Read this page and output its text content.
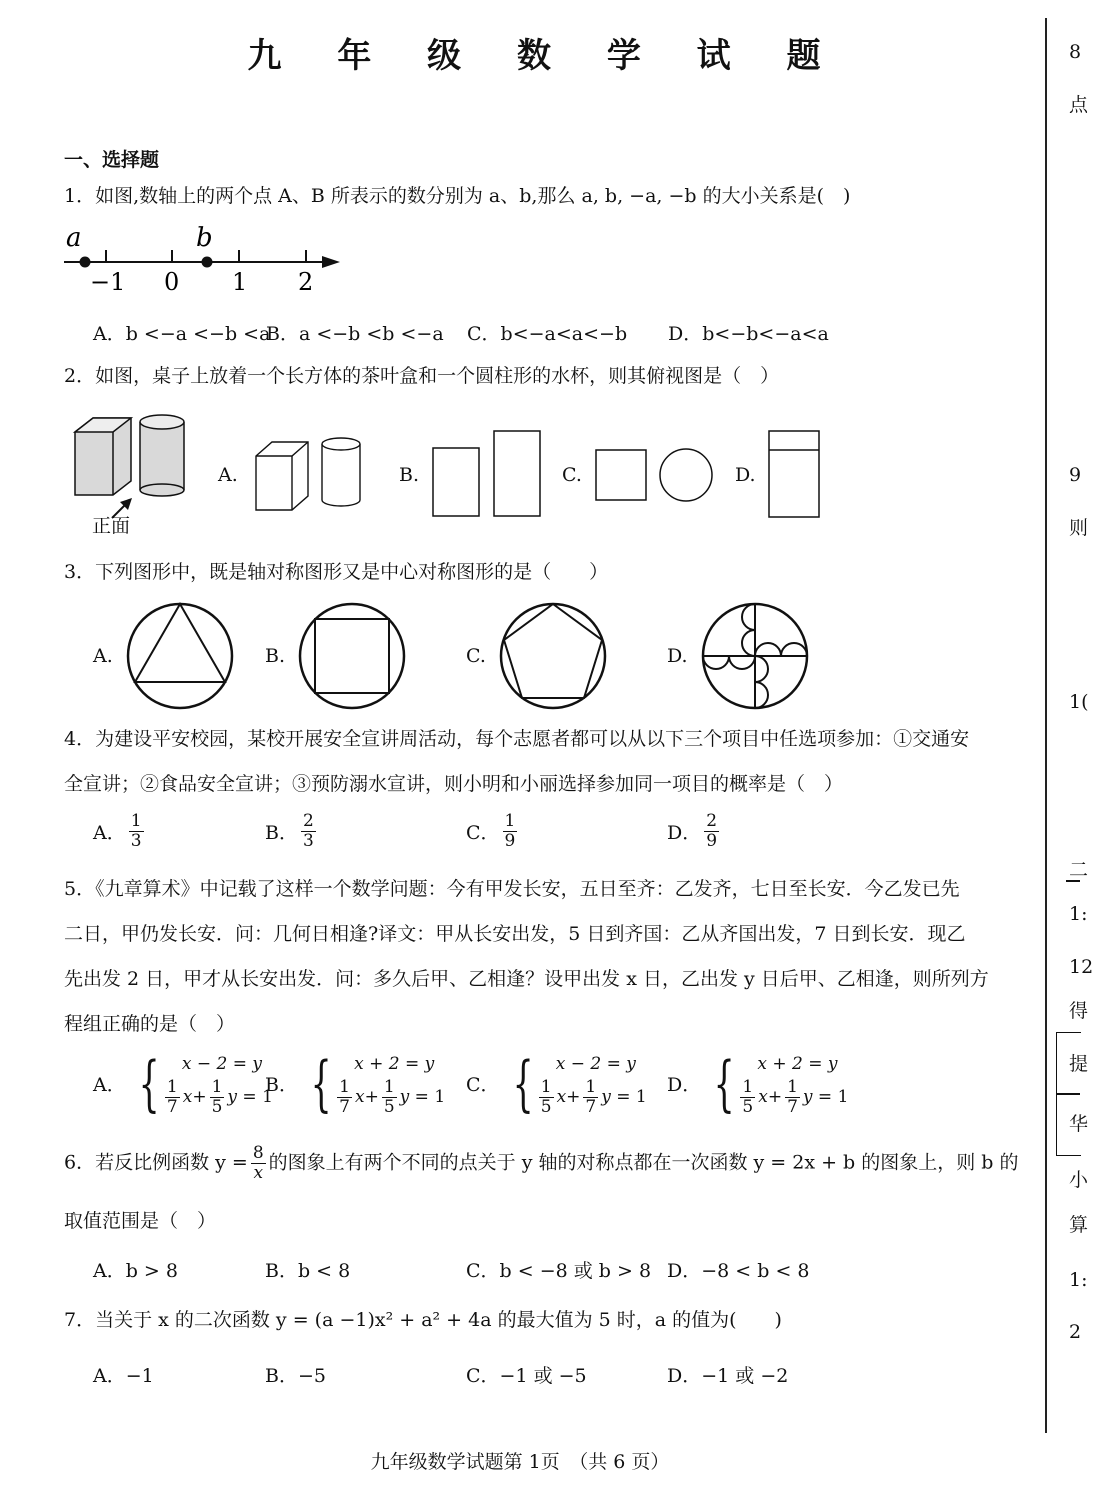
九 年 级 数 学 试 题
一、选择题
1．如图,数轴上的两个点 A、B 所表示的数分别为 a、b,那么 a, b, −a, −b 的大小关系是(　)
a	b
−1 0 1 2
A．b <−a <−b <a
B．a <−b <b <−a C．b<−a<a<−b D．b<−b<−a<a
2．如图，桌子上放着一个长方体的茶叶盒和一个圆柱形的水杯，则其俯视图是（　）
正面
A.	B.	C.	D.
3．下列图形中，既是轴对称图形又是中心对称图形的是（　　）
A.	B.	C.	D.
4．为建设平安校园，某校开展安全宣讲周活动，每个志愿者都可以从以下三个项目中任选项参加：①交通安
全宣讲；②食品安全宣讲；③预防溺水宣讲，则小明和小丽选择参加同一项目的概率是（　）
A． $\frac{1}{3}$	B． $\frac{2}{3}$	C． $\frac{1}{9}$	D． $\frac{2}{9}$
5．《九章算术》中记载了这样一个数学问题：今有甲发长安，五日至齐：乙发齐，七日至长安．今乙发已先
二日，甲仍发长安．问：几何日相逢?译文：甲从长安出发，5 日到齐国：乙从齐国出发，7 日到长安．现乙
先出发 2 日，甲才从长安出发．问：多久后甲、乙相逢？设甲出发 x 日，乙出发 y 日后甲、乙相逢，则所列方
程组正确的是（　）
A． {	x − 2 = y
$\frac{1}{7} x+ \frac{1}{5}$ y = 1
B． {	x + 2 = y
$\frac{1}{7} x+ \frac{1}{5}$ y = 1
C． {	x − 2 = y
$\frac{1}{5} x+ \frac{1}{7}$ y = 1
D． {	x + 2 = y
$\frac{1}{5} x+ \frac{1}{7}$ y = 1
6．若反比例函数 $y = \frac{8}{x}$ 的图象上有两个不同的点关于 y 轴的对称点都在一次函数 y = 2x + b 的图象上，则 b 的
取值范围是（　）
A．b > 8	B．b < 8	C．b < −8 或 b > 8 D．−8 < b < 8
7．当关于 x 的二次函数 y = (a −1)x² + a² + 4a 的最大值为 5 时，a 的值为(　　)
A．−1	B．−5	C．−1 或 −5	D．−1 或 −2
九年级数学试题第 1页　（共 6 页）
8
点
9
则
1(
二
1:
12
得
提
华
小
算
1:
2
